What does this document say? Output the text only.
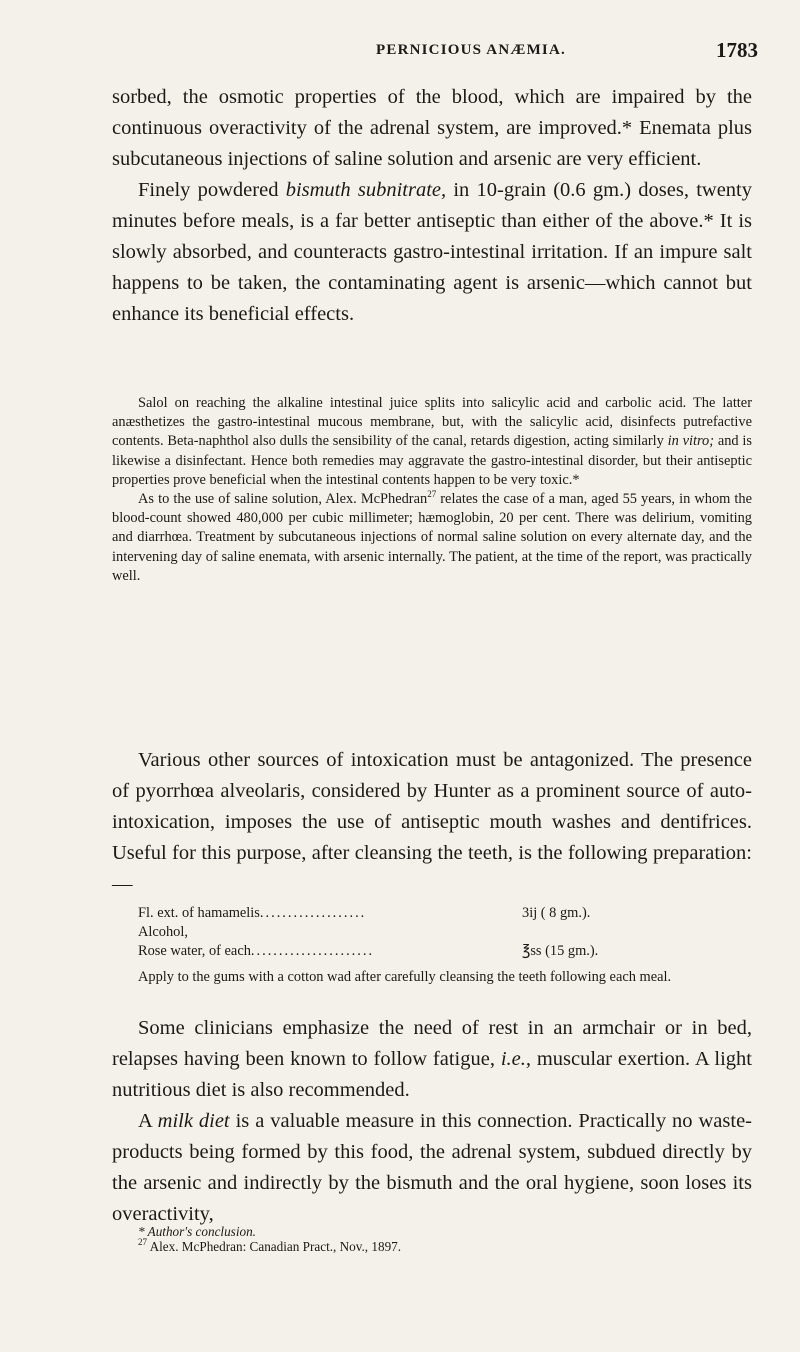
PERNICIOUS ANÆMIA.	1783

sorbed, the osmotic properties of the blood, which are impaired by the continuous overactivity of the adrenal system, are improved.* Enemata plus subcutaneous injections of saline solution and arsenic are very efficient.

Finely powdered bismuth subnitrate, in 10-grain (0.6 gm.) doses, twenty minutes before meals, is a far better antiseptic than either of the above.* It is slowly absorbed, and counteracts gastro-intestinal irritation. If an impure salt happens to be taken, the contaminating agent is arsenic—which cannot but enhance its beneficial effects.

Salol on reaching the alkaline intestinal juice splits into salicylic acid and carbolic acid. The latter anæsthetizes the gastro-intestinal mucous membrane, but, with the salicylic acid, disinfects putrefactive contents. Beta-naphthol also dulls the sensibility of the canal, retards digestion, acting similarly in vitro; and is likewise a disinfectant. Hence both remedies may aggravate the gastro-intestinal disorder, but their antiseptic properties prove beneficial when the intestinal contents happen to be very toxic.*

As to the use of saline solution, Alex. McPhedran$^{27}$ relates the case of a man, aged 55 years, in whom the blood-count showed 480,000 per cubic millimeter; hæmoglobin, 20 per cent. There was delirium, vomiting and diarrhœa. Treatment by subcutaneous injections of normal saline solution on every alternate day, and the intervening day of saline enemata, with arsenic internally. The patient, at the time of the report, was practically well.

Various other sources of intoxication must be antagonized. The presence of pyorrhœa alveolaris, considered by Hunter as a prominent source of auto-intoxication, imposes the use of antiseptic mouth washes and dentifrices. Useful for this purpose, after cleansing the teeth, is the following preparation:—

Fl. ext. of hamamelis ...................	3ij ( 8 gm.).
Alcohol,
Rose water, of each ......................	℥ss (15 gm.).

Apply to the gums with a cotton wad after carefully cleansing the teeth following each meal.

Some clinicians emphasize the need of rest in an armchair or in bed, relapses having been known to follow fatigue, i.e., muscular exertion. A light nutritious diet is also recommended.

A milk diet is a valuable measure in this connection. Practically no waste-products being formed by this food, the adrenal system, subdued directly by the arsenic and indirectly by the bismuth and the oral hygiene, soon loses its overactivity,

* Author's conclusion.
$^{27}$ Alex. McPhedran: Canadian Pract., Nov., 1897.
